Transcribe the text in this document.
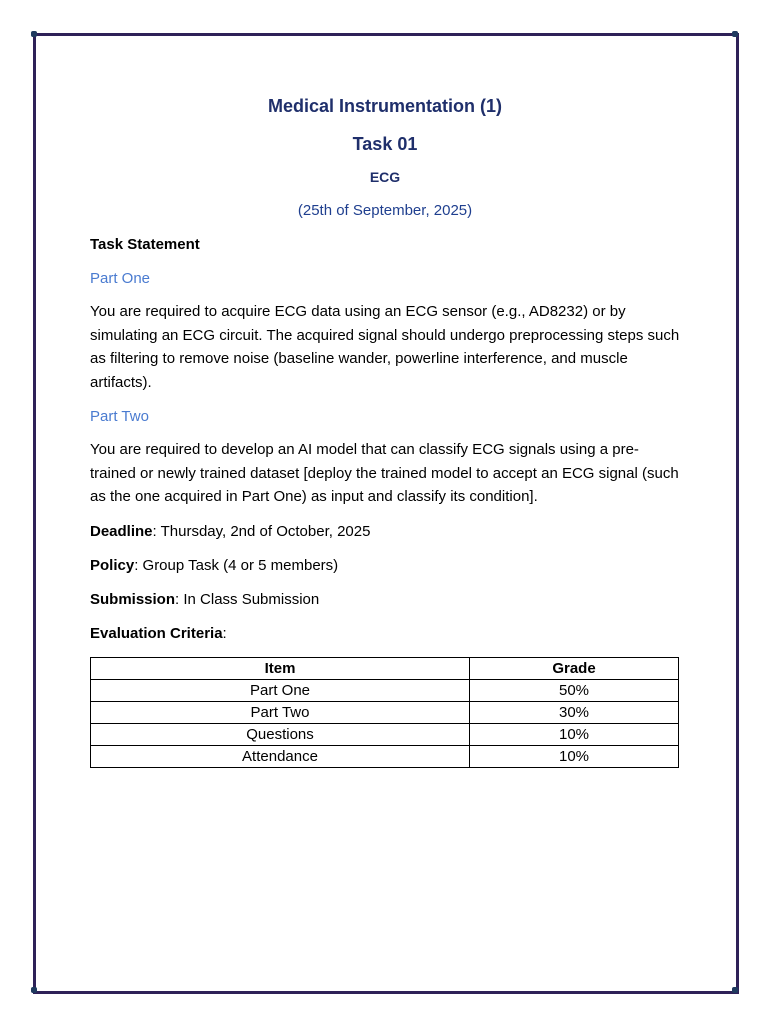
Medical Instrumentation (1)
Task 01
ECG
(25th of September, 2025)
Task Statement
Part One
You are required to acquire ECG data using an ECG sensor (e.g., AD8232) or by simulating an ECG circuit. The acquired signal should undergo preprocessing steps such as filtering to remove noise (baseline wander, powerline interference, and muscle artifacts).
Part Two
You are required to develop an AI model that can classify ECG signals using a pre-trained or newly trained dataset [deploy the trained model to accept an ECG signal (such as the one acquired in Part One) as input and classify its condition].
Deadline: Thursday, 2nd of October, 2025
Policy: Group Task (4 or 5 members)
Submission: In Class Submission
Evaluation Criteria:
Item	Grade
Part One	50%
Part Two	30%
Questions	10%
Attendance	10%
